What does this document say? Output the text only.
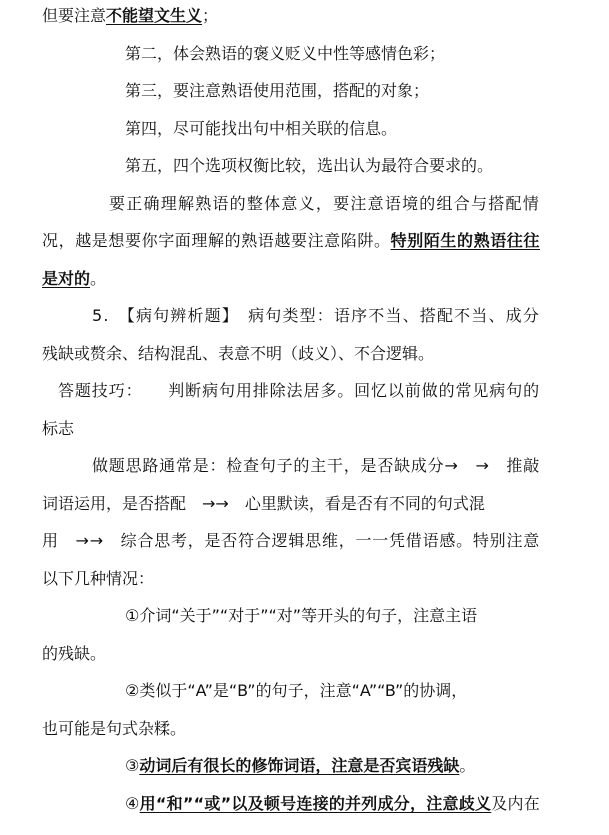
但要注意不能望文生义；
第二，体会熟语的褒义贬义中性等感情色彩；
第三，要注意熟语使用范围，搭配的对象；
第四，尽可能找出句中相关联的信息。
第五，四个选项权衡比较，选出认为最符合要求的。
要正确理解熟语的整体意义，要注意语境的组合与搭配情
况，越是想要你字面理解的熟语越要注意陷阱。特别陌生的熟语往往
是对的。
5.　【病句辨析题】　病句类型：语序不当、搭配不当、成分
残缺或赘余、结构混乱、表意不明（歧义）、不合逻辑。
答题技巧：　　判断病句用排除法居多。回忆以前做的常见病句的
标志
做题思路通常是：检查句子的主干，是否缺成分→　→　推敲
词语运用，是否搭配　→→　心里默读，看是否有不同的句式混
用　→→　综合思考，是否符合逻辑思维，一一凭借语感。特别注意
以下几种情况：
①介词“关于”“对于”“对”等开头的句子，注意主语
的残缺。
②类似于“A”是“B”的句子，注意“A”“B”的协调，
也可能是句式杂糅。
③动词后有很长的修饰词语，注意是否宾语残缺。
④用“和”“或”以及顿号连接的并列成分，注意歧义及内在
